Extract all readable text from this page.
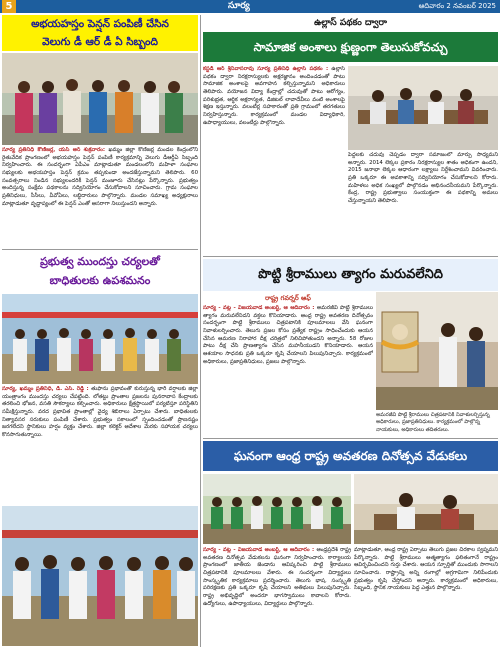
5	సూర్య	ఆదివారం 2 నవంబర్ 2025
అభయహస్తం పెన్షన్ పంపిణీ చేసిన
వెలుగు డీ ఆర్ డీ ఏ సిబ్బంది
సూర్య ప్రతినిధి కొణిజర్ల, యస్ అర్ శుక్రవారం: ఖమ్మం జిల్లా కొణిజర్ల మండల కేంద్రంలోని రైతువేదిక ప్రాంగణంలో అభయహస్తం పెన్షన్ పంపిణీ కార్యక్రమాన్ని వెలుగు డీఆర్డీఏ సిబ్బంది నిర్వహించారు. ఈ సందర్భంగా ఏపీఎం మాట్లాడుతూ మండలంలోని మహిళా సంఘాల సభ్యులకు అభయహస్తం పెన్షన్ క్రమం తప్పకుండా అందజేస్తున్నామని తెలిపారు. 60 సంవత్సరాలు నిండిన సభ్యులందరికీ పెన్షన్ మంజూరు చేసినట్లు పేర్కొన్నారు. ప్రభుత్వం అందిస్తున్న సంక్షేమ పథకాలను సద్వినియోగం చేసుకోవాలని సూచించారు. గ్రామ సంఘాల ప్రతినిధులు, సీసీలు, వీవోఏలు, లబ్ధిదారులు పాల్గొన్నారు. మండల సమాఖ్య అధ్యక్షురాలు మాట్లాడుతూ వృద్ధాప్యంలో ఈ పెన్షన్ ఎంతో ఆసరాగా నిలుస్తుందని అన్నారు.
ప్రభుత్వ ముందస్తు చర్యలతో
బాధితులకు ఉపశమనం
సూర్య, ఖమ్మం ప్రతినిధి, డి. ఎస్. రెడ్డి : తుఫాను ప్రభావంతో కురుస్తున్న భారీ వర్షాలకు జిల్లా యంత్రాంగం ముందస్తు చర్యలు చేపట్టింది. లోతట్టు ప్రాంతాల ప్రజలను పునరావాస కేంద్రాలకు తరలించి భోజన, వసతి సౌకర్యాలు కల్పించారు. అధికారులు క్షేత్రస్థాయిలో పర్యటిస్తూ పరిస్థితిని సమీక్షిస్తున్నారు. వరద ప్రభావిత ప్రాంతాల్లో వైద్య శిబిరాలు ఏర్పాటు చేశారు. బాధితులకు నిత్యావసర సరుకులు పంపిణీ చేశారు. ప్రభుత్వం సకాలంలో స్పందించడంతో ప్రాణనష్టం జరగలేదని స్థానికులు హర్షం వ్యక్తం చేశారు. జిల్లా కలెక్టర్ ఆదేశాల మేరకు సహాయక చర్యలు కొనసాగుతున్నాయి.
ఉల్లాస్ పథకం ద్వారా
సామాజిక అంశాలు క్షుణ్ణంగా తెలుసుకోవచ్చు
కస్టడీ ఆర్ శ్రీనివాసరావు సూర్య ప్రతినిధి ఉల్లాస్ పథకం : ఉల్లాస్ పథకం ద్వారా నిరక్షరాస్యులకు అక్షరజ్ఞానం అందించడంతో పాటు సామాజిక అంశాలపై అవగాహన కల్పిస్తున్నామని అధికారులు తెలిపారు. వయోజన విద్యా కేంద్రాల్లో చదువుతో పాటు ఆరోగ్యం, పరిశుభ్రత, ఆర్థిక అక్షరాస్యత, డిజిటల్ లావాదేవీలు వంటి అంశాలపై శిక్షణ ఇస్తున్నారు. వలంటీర్ల సహకారంతో ప్రతి గ్రామంలో తరగతులు నిర్వహిస్తున్నారు. కార్యక్రమంలో మండల విద్యాధికారి, ఉపాధ్యాయులు, వలంటీర్లు పాల్గొన్నారు.
పెద్దలకు చదువు చెప్పడం ద్వారా సమాజంలో మార్పు సాధ్యమని అన్నారు. 2014 లెక్కల ప్రకారం నిరక్షరాస్యుల శాతం అధికంగా ఉందని, 2015 జనాభా లెక్కల ఆధారంగా లక్ష్యాలు నిర్దేశించామని వివరించారు. ప్రతి ఒక్కరూ ఈ అవకాశాన్ని సద్వినియోగం చేసుకోవాలని కోరారు. మహిళలు అధిక సంఖ్యలో పాల్గొనడం అభినందనీయమని పేర్కొన్నారు. కేంద్ర, రాష్ట్ర ప్రభుత్వాలు సంయుక్తంగా ఈ పథకాన్ని అమలు చేస్తున్నాయని తెలిపారు.
పొట్టి శ్రీరాములు త్యాగం మరువలేనిది
రాష్ట్ర గవర్నర్ ఆఫ్
సూర్య - వట్ల - విజయవాడ అంబర్ట్, ఆ ఆదివారం : అమరజీవి పొట్టి శ్రీరాములు త్యాగం మరువలేనిదని వక్తలు కొనియాడారు. ఆంధ్ర రాష్ట్ర అవతరణ దినోత్సవం సందర్భంగా పొట్టి శ్రీరాములు చిత్రపటానికి పూలమాలలు వేసి ఘనంగా నివాళులర్పించారు. తెలుగు ప్రజల కోసం ప్రత్యేక రాష్ట్రం సాధించేందుకు ఆయన చేసిన ఆమరణ నిరాహార దీక్ష చరిత్రలో నిలిచిపోతుందని అన్నారు. 58 రోజుల పాటు దీక్ష చేసి ప్రాణత్యాగం చేసిన మహనీయుడని కొనియాడారు. ఆయన ఆశయాల సాధనకు ప్రతి ఒక్కరూ కృషి చేయాలని పిలుపునిచ్చారు. కార్యక్రమంలో అధికారులు, ప్రజాప్రతినిధులు, ప్రజలు పాల్గొన్నారు.
అమరజీవి పొట్టి శ్రీరాములు చిత్రపటానికి నివాళులర్పిస్తున్న అధికారులు, ప్రజాప్రతినిధులు. కార్యక్రమంలో పాల్గొన్న నాయకులు, అధికారులు తదితరులు.
ఘనంగా ఆంధ్ర రాష్ట్ర అవతరణ దినోత్సవ వేడుకలు
సూర్య - వట్ల - విజయవాడ అంబర్ట్, ఆ ఆదివారం : ఆంధ్రప్రదేశ్ రాష్ట్ర అవతరణ దినోత్సవ వేడుకలను ఘనంగా నిర్వహించారు. కార్యాలయ ప్రాంగణంలో జాతీయ జెండాను ఆవిష్కరించి పొట్టి శ్రీరాములు చిత్రపటానికి పూలమాలలు వేశారు. ఈ సందర్భంగా విద్యార్థులు సాంస్కృతిక కార్యక్రమాలు ప్రదర్శించారు. తెలుగు భాష, సంస్కృతి పరిరక్షణకు ప్రతి ఒక్కరూ కృషి చేయాలని అతిథులు పిలుపునిచ్చారు. రాష్ట్ర అభివృద్ధిలో అందరూ భాగస్వాములు కావాలని కోరారు. ఉద్యోగులు, ఉపాధ్యాయులు, విద్యార్థులు పాల్గొన్నారు.
మాట్లాడుతూ, ఆంధ్ర రాష్ట్ర ఏర్పాటు తెలుగు ప్రజల చిరకాల స్వప్నమని పేర్కొన్నారు. పొట్టి శ్రీరాములు ఆత్మత్యాగం ఫలితంగానే రాష్ట్రం ఆవిర్భవించిందని గుర్తు చేశారు. ఆయన స్ఫూర్తితో ముందుకు సాగాలని సూచించారు. రాష్ట్రాన్ని అన్ని రంగాల్లో అగ్రగామిగా నిలిపేందుకు ప్రభుత్వం కృషి చేస్తోందని అన్నారు. కార్యక్రమంలో అధికారులు, సిబ్బంది, స్థానిక నాయకులు పెద్ద ఎత్తున పాల్గొన్నారు.
